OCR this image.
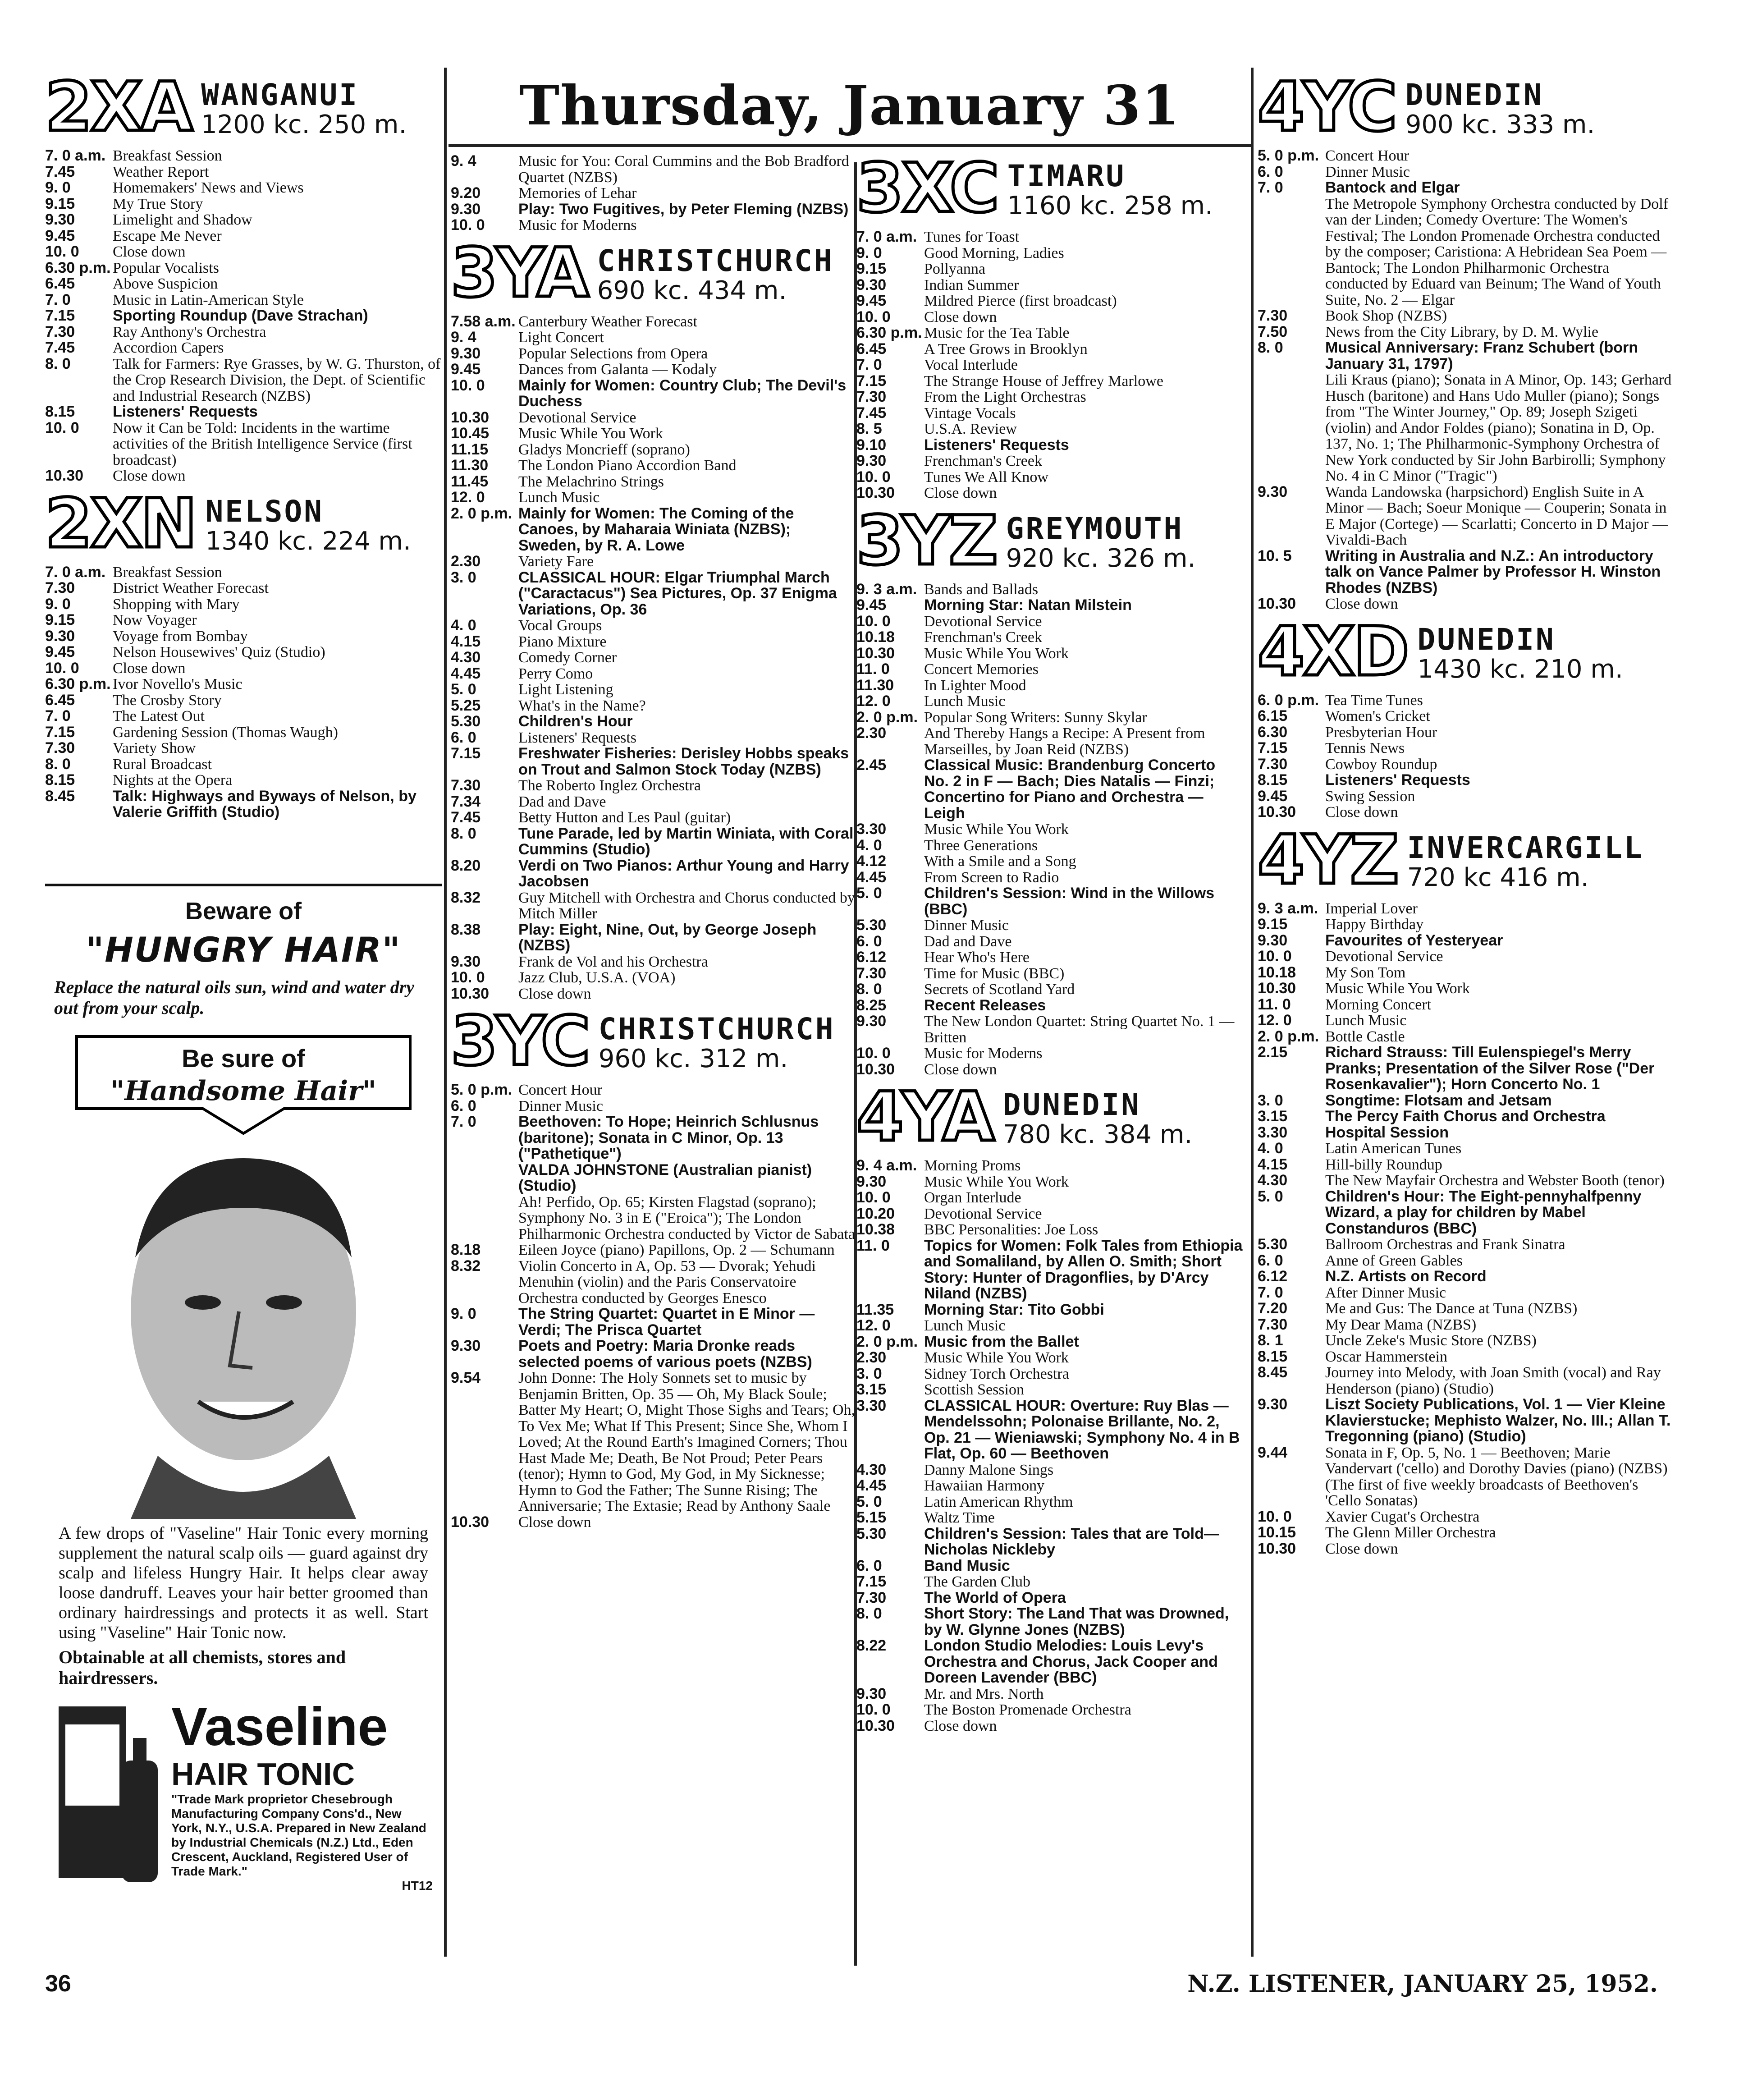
Thursday, January 31
2XA WANGANUI
1200 kc. 250 m.
7. 0 a.m. Breakfast Session
7.45	Weather Report
9. 0	Homemakers' News and Views
9.15	My True Story
9.30	Limelight and Shadow
9.45	Escape Me Never
10. 0	Close down
6.30 p.m. Popular Vocalists
6.45	Above Suspicion
7. 0	Music in Latin-American Style
7.15	Sporting Roundup (Dave Strachan)
7.30	Ray Anthony's Orchestra
7.45	Accordion Capers
8. 0	Talk for Farmers: Rye Grasses, by W. G. Thurston, of the Crop Research Division, the Dept. of Scientific and Industrial Research (NZBS)
8.15	Listeners' Requests
10. 0	Now it Can be Told: Incidents in the wartime activities of the British Intelligence Service (first broadcast)
10.30	Close down
2XN NELSON
1340 kc. 224 m.
7. 0 a.m. Breakfast Session
7.30	District Weather Forecast
9. 0	Shopping with Mary
9.15	Now Voyager
9.30	Voyage from Bombay
9.45	Nelson Housewives' Quiz (Studio)
10. 0	Close down
6.30 p.m. Ivor Novello's Music
6.45	The Crosby Story
7. 0	The Latest Out
7.15	Gardening Session (Thomas Waugh)
7.30	Variety Show
8. 0	Rural Broadcast
8.15	Nights at the Opera
8.45	Talk: Highways and Byways of Nelson, by Valerie Griffith (Studio)
9. 4	Music for You: Coral Cummins and the Bob Bradford Quartet (NZBS)
9.20	Memories of Lehar
9.30	Play: Two Fugitives, by Peter Fleming (NZBS)
10. 0	Music for Moderns
3YA CHRISTCHURCH
690 kc. 434 m.
7.58 a.m. Canterbury Weather Forecast
9. 4	Light Concert
9.30	Popular Selections from Opera
9.45	Dances from Galanta — Kodaly
10. 0	Mainly for Women: Country Club; The Devil's Duchess
10.30	Devotional Service
10.45	Music While You Work
11.15	Gladys Moncrieff (soprano)
11.30	The London Piano Accordion Band
11.45	The Melachrino Strings
12. 0	Lunch Music
2. 0 p.m. Mainly for Women: The Coming of the Canoes, by Maharaia Winiata (NZBS); Sweden, by R. A. Lowe
2.30	Variety Fare
3. 0	CLASSICAL HOUR: Elgar Triumphal March ("Caractacus") Sea Pictures, Op. 37 Enigma Variations, Op. 36
4. 0	Vocal Groups
4.15	Piano Mixture
4.30	Comedy Corner
4.45	Perry Como
5. 0	Light Listening
5.25	What's in the Name?
5.30	Children's Hour
6. 0	Listeners' Requests
7.15	Freshwater Fisheries: Derisley Hobbs speaks on Trout and Salmon Stock Today (NZBS)
7.30	The Roberto Inglez Orchestra
7.34	Dad and Dave
7.45	Betty Hutton and Les Paul (guitar)
8. 0	Tune Parade, led by Martin Winiata, with Coral Cummins (Studio)
8.20	Verdi on Two Pianos: Arthur Young and Harry Jacobsen
8.32	Guy Mitchell with Orchestra and Chorus conducted by Mitch Miller
8.38	Play: Eight, Nine, Out, by George Joseph (NZBS)
9.30	Frank de Vol and his Orchestra
10. 0	Jazz Club, U.S.A. (VOA)
10.30	Close down
3YC CHRISTCHURCH
960 kc. 312 m.
5. 0 p.m. Concert Hour
6. 0	Dinner Music
7. 0	Beethoven: To Hope; Heinrich Schlusnus (baritone); Sonata in C Minor, Op. 13 ("Pathetique")
VALDA JOHNSTONE (Australian pianist) (Studio)
Ah! Perfido, Op. 65; Kirsten Flagstad (soprano); Symphony No. 3 in E ("Eroica"); The London Philharmonic Orchestra conducted by Victor de Sabata
8.18	Eileen Joyce (piano) Papillons, Op. 2 — Schumann
8.32	Violin Concerto in A, Op. 53 — Dvorak; Yehudi Menuhin (violin) and the Paris Conservatoire Orchestra conducted by Georges Enesco
9. 0	The String Quartet: Quartet in E Minor — Verdi; The Prisca Quartet
9.30	Poets and Poetry: Maria Dronke reads selected poems of various poets (NZBS)
9.54	John Donne: The Holy Sonnets set to music by Benjamin Britten, Op. 35 — Oh, My Black Soule; Batter My Heart; O, Might Those Sighs and Tears; Oh, To Vex Me; What If This Present; Since She, Whom I Loved; At the Round Earth's Imagined Corners; Thou Hast Made Me; Death, Be Not Proud; Peter Pears (tenor); Hymn to God, My God, in My Sicknesse; Hymn to God the Father; The Sunne Rising; The Anniversarie; The Extasie; Read by Anthony Saale
10.30	Close down
3XC TIMARU
1160 kc. 258 m.
7. 0 a.m. Tunes for Toast
9. 0	Good Morning, Ladies
9.15	Pollyanna
9.30	Indian Summer
9.45	Mildred Pierce (first broadcast)
10. 0	Close down
6.30 p.m. Music for the Tea Table
6.45	A Tree Grows in Brooklyn
7. 0	Vocal Interlude
7.15	The Strange House of Jeffrey Marlowe
7.30	From the Light Orchestras
7.45	Vintage Vocals
8. 5	U.S.A. Review
9.10	Listeners' Requests
9.30	Frenchman's Creek
10. 0	Tunes We All Know
10.30	Close down
3YZ GREYMOUTH
920 kc. 326 m.
9. 3 a.m. Bands and Ballads
9.45	Morning Star: Natan Milstein
10. 0	Devotional Service
10.18	Frenchman's Creek
10.30	Music While You Work
11. 0	Concert Memories
11.30	In Lighter Mood
12. 0	Lunch Music
2. 0 p.m. Popular Song Writers: Sunny Skylar
2.30	And Thereby Hangs a Recipe: A Present from Marseilles, by Joan Reid (NZBS)
2.45	Classical Music: Brandenburg Concerto No. 2 in F — Bach; Dies Natalis — Finzi; Concertino for Piano and Orchestra — Leigh
3.30	Music While You Work
4. 0	Three Generations
4.12	With a Smile and a Song
4.45	From Screen to Radio
5. 0	Children's Session: Wind in the Willows (BBC)
5.30	Dinner Music
6. 0	Dad and Dave
6.12	Hear Who's Here
7.30	Time for Music (BBC)
8. 0	Secrets of Scotland Yard
8.25	Recent Releases
9.30	The New London Quartet: String Quartet No. 1 — Britten
10. 0	Music for Moderns
10.30	Close down
4YA DUNEDIN
780 kc. 384 m.
9. 4 a.m. Morning Proms
9.30	Music While You Work
10. 0	Organ Interlude
10.20	Devotional Service
10.38	BBC Personalities: Joe Loss
11. 0	Topics for Women: Folk Tales from Ethiopia and Somaliland, by Allen O. Smith; Short Story: Hunter of Dragonflies, by D'Arcy Niland (NZBS)
11.35	Morning Star: Tito Gobbi
12. 0	Lunch Music
2. 0 p.m. Music from the Ballet
2.30	Music While You Work
3. 0	Sidney Torch Orchestra
3.15	Scottish Session
3.30	CLASSICAL HOUR: Overture: Ruy Blas — Mendelssohn; Polonaise Brillante, No. 2, Op. 21 — Wieniawski; Symphony No. 4 in B Flat, Op. 60 — Beethoven
4.30	Danny Malone Sings
4.45	Hawaiian Harmony
5. 0	Latin American Rhythm
5.15	Waltz Time
5.30	Children's Session: Tales that are Told—Nicholas Nickleby
6. 0	Band Music
7.15	The Garden Club
7.30	The World of Opera
8. 0	Short Story: The Land That was Drowned, by W. Glynne Jones (NZBS)
8.22	London Studio Melodies: Louis Levy's Orchestra and Chorus, Jack Cooper and Doreen Lavender (BBC)
9.30	Mr. and Mrs. North
10. 0	The Boston Promenade Orchestra
10.30	Close down
4YC DUNEDIN
900 kc. 333 m.
5. 0 p.m. Concert Hour
6. 0	Dinner Music
7. 0	Bantock and Elgar
The Metropole Symphony Orchestra conducted by Dolf van der Linden; Comedy Overture: The Women's Festival; The London Promenade Orchestra conducted by the composer; Caristiona: A Hebridean Sea Poem — Bantock; The London Philharmonic Orchestra conducted by Eduard van Beinum; The Wand of Youth Suite, No. 2 — Elgar
7.30	Book Shop (NZBS)
7.50	News from the City Library, by D. M. Wylie
8. 0	Musical Anniversary: Franz Schubert (born January 31, 1797)
Lili Kraus (piano); Sonata in A Minor, Op. 143; Gerhard Husch (baritone) and Hans Udo Muller (piano); Songs from "The Winter Journey," Op. 89; Joseph Szigeti (violin) and Andor Foldes (piano); Sonatina in D, Op. 137, No. 1; The Philharmonic-Symphony Orchestra of New York conducted by Sir John Barbirolli; Symphony No. 4 in C Minor ("Tragic")
9.30	Wanda Landowska (harpsichord) English Suite in A Minor — Bach; Soeur Monique — Couperin; Sonata in E Major (Cortege) — Scarlatti; Concerto in D Major — Vivaldi-Bach
10. 5	Writing in Australia and N.Z.: An introductory talk on Vance Palmer by Professor H. Winston Rhodes (NZBS)
10.30	Close down
4XD DUNEDIN
1430 kc. 210 m.
6. 0 p.m. Tea Time Tunes
6.15	Women's Cricket
6.30	Presbyterian Hour
7.15	Tennis News
7.30	Cowboy Roundup
8.15	Listeners' Requests
9.45	Swing Session
10.30	Close down
4YZ INVERCARGILL
720 kc 416 m.
9. 3 a.m. Imperial Lover
9.15	Happy Birthday
9.30	Favourites of Yesteryear
10. 0	Devotional Service
10.18	My Son Tom
10.30	Music While You Work
11. 0	Morning Concert
12. 0	Lunch Music
2. 0 p.m. Bottle Castle
2.15	Richard Strauss: Till Eulenspiegel's Merry Pranks; Presentation of the Silver Rose ("Der Rosenkavalier"); Horn Concerto No. 1
3. 0	Songtime: Flotsam and Jetsam
3.15	The Percy Faith Chorus and Orchestra
3.30	Hospital Session
4. 0	Latin American Tunes
4.15	Hill-billy Roundup
4.30	The New Mayfair Orchestra and Webster Booth (tenor)
5. 0	Children's Hour: The Eight-pennyhalfpenny Wizard, a play for children by Mabel Constanduros (BBC)
5.30	Ballroom Orchestras and Frank Sinatra
6. 0	Anne of Green Gables
6.12	N.Z. Artists on Record
7. 0	After Dinner Music
7.20	Me and Gus: The Dance at Tuna (NZBS)
7.30	My Dear Mama (NZBS)
8. 1	Uncle Zeke's Music Store (NZBS)
8.15	Oscar Hammerstein
8.45	Journey into Melody, with Joan Smith (vocal) and Ray Henderson (piano) (Studio)
9.30	Liszt Society Publications, Vol. 1 — Vier Kleine Klavierstucke; Mephisto Walzer, No. III.; Allan T. Tregonning (piano) (Studio)
9.44	Sonata in F, Op. 5, No. 1 — Beethoven; Marie Vandervart ('cello) and Dorothy Davies (piano) (NZBS) (The first of five weekly broadcasts of Beethoven's 'Cello Sonatas)
10. 0	Xavier Cugat's Orchestra
10.15	The Glenn Miller Orchestra
10.30	Close down
Beware of
"HUNGRY HAIR"
Replace the natural oils sun, wind and water dry out from your scalp.
Be sure of
"Handsome Hair"
A few drops of "Vaseline" Hair Tonic every morning supplement the natural scalp oils — guard against dry scalp and lifeless Hungry Hair. It helps clear away loose dandruff. Leaves your hair better groomed than ordinary hairdressings and protects it as well. Start using "Vaseline" Hair Tonic now.
Obtainable at all chemists, stores and hairdressers.
Vaseline
HAIR TONIC
"Trade Mark proprietor Chesebrough Manufacturing Company Cons'd., New York, N.Y., U.S.A. Prepared in New Zealand by Industrial Chemicals (N.Z.) Ltd., Eden Crescent, Auckland, Registered User of Trade Mark."
HT12
36	N.Z. LISTENER, JANUARY 25, 1952.
